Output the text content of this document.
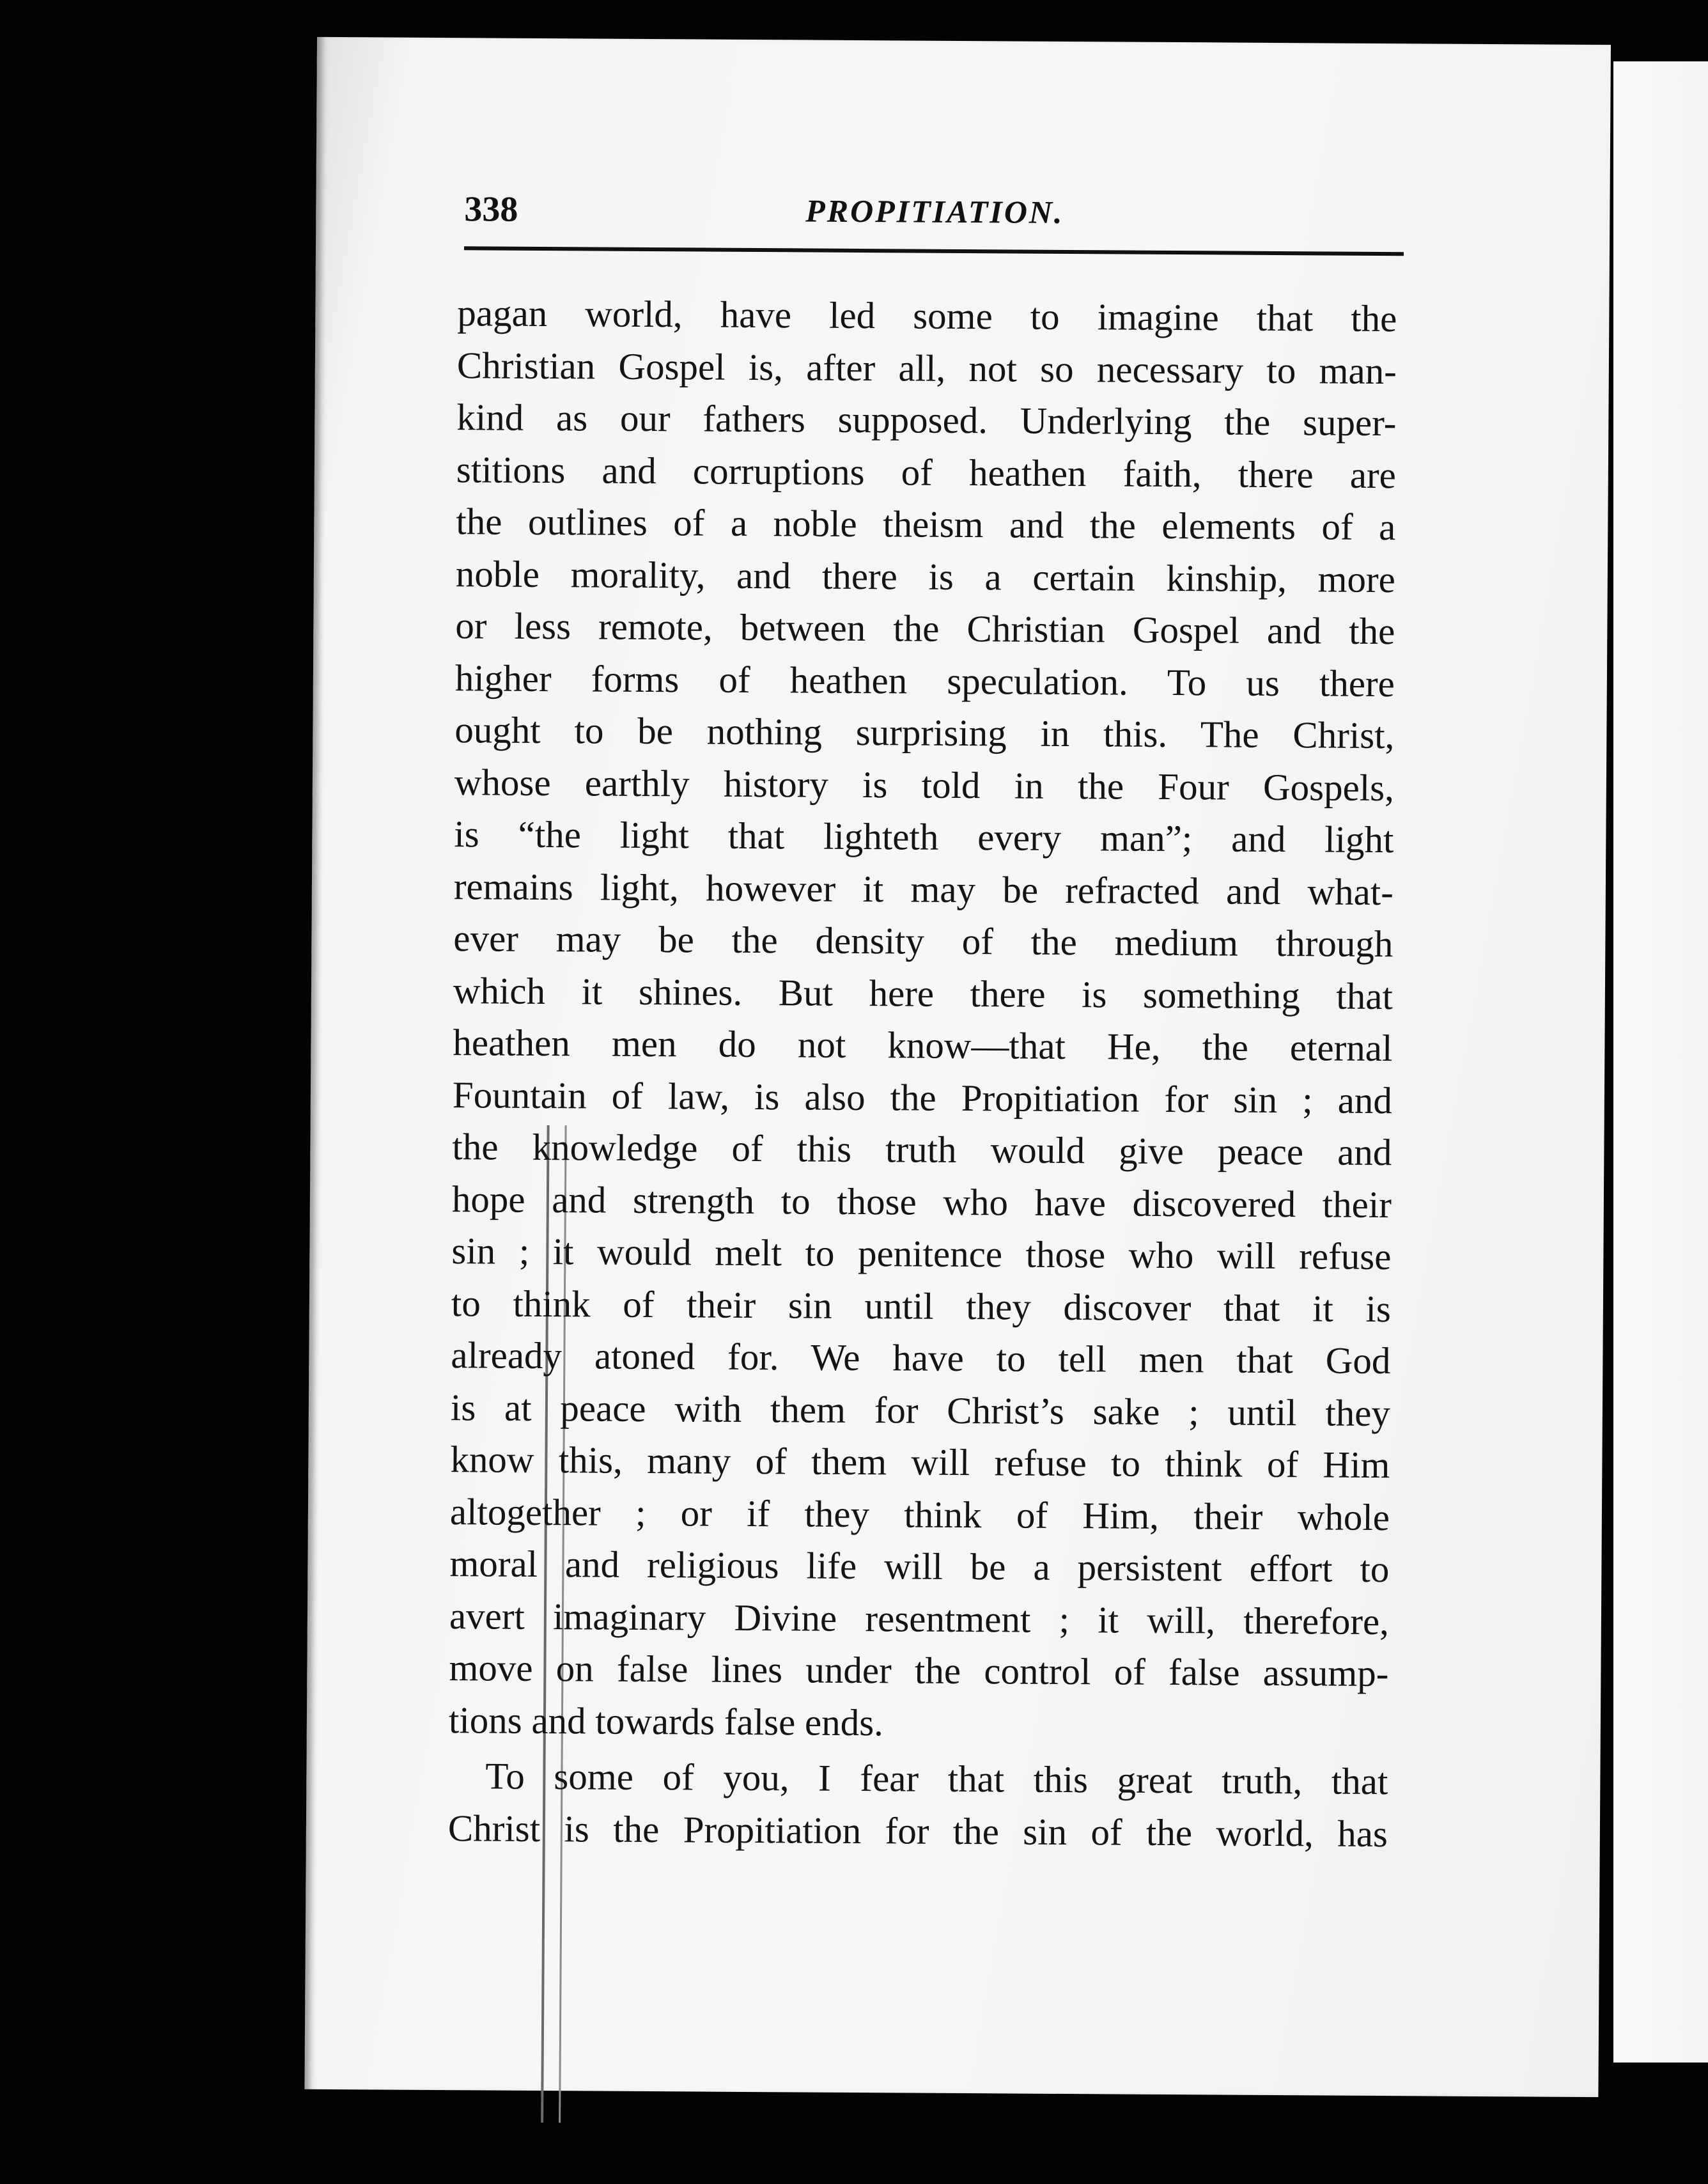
338	PROPITIATION.
pagan world, have led some to imagine that the
Christian Gospel is, after all, not so necessary to man-
kind as our fathers supposed. Underlying the super-
stitions and corruptions of heathen faith, there are
the outlines of a noble theism and the elements of a
noble morality, and there is a certain kinship, more
or less remote, between the Christian Gospel and the
higher forms of heathen speculation. To us there
ought to be nothing surprising in this. The Christ,
whose earthly history is told in the Four Gospels,
is “the light that lighteth every man”; and light
remains light, however it may be refracted and what-
ever may be the density of the medium through
which it shines. But here there is something that
heathen men do not know—that He, the eternal
Fountain of law, is also the Propitiation for sin ; and
the knowledge of this truth would give peace and
hope and strength to those who have discovered their
sin ; it would melt to penitence those who will refuse
to think of their sin until they discover that it is
already atoned for. We have to tell men that God
is at peace with them for Christ’s sake ; until they
know this, many of them will refuse to think of Him
altogether ; or if they think of Him, their whole
moral and religious life will be a persistent effort to
avert imaginary Divine resentment ; it will, therefore,
move on false lines under the control of false assump-
tions and towards false ends.
To some of you, I fear that this great truth, that
Christ is the Propitiation for the sin of the world, has
